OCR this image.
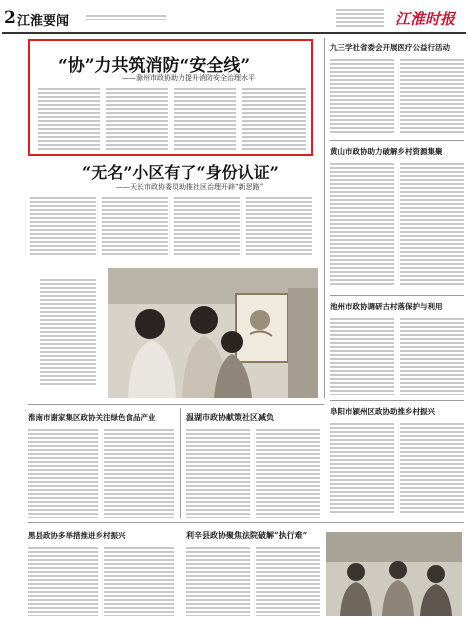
2 江淮要闻	江淮时报
“协”力共筑消防“安全线”
——滁州市政协助力提升消防安全治理水平
“无名”小区有了“身份认证”
——天长市政协委员助推社区治理开辟“新思路”
九三学社省委会开展医疗公益行活动
黄山市政协助力破解乡村资源集聚
池州市政协调研古村落保护与利用
阜阳市颍州区政协助推乡村振兴
淮南市谢家集区政协关注绿色食品产业	温湖市政协献策社区减负
黑县政协多举措推进乡村振兴	利辛县政协聚焦法院破解“执行难”
